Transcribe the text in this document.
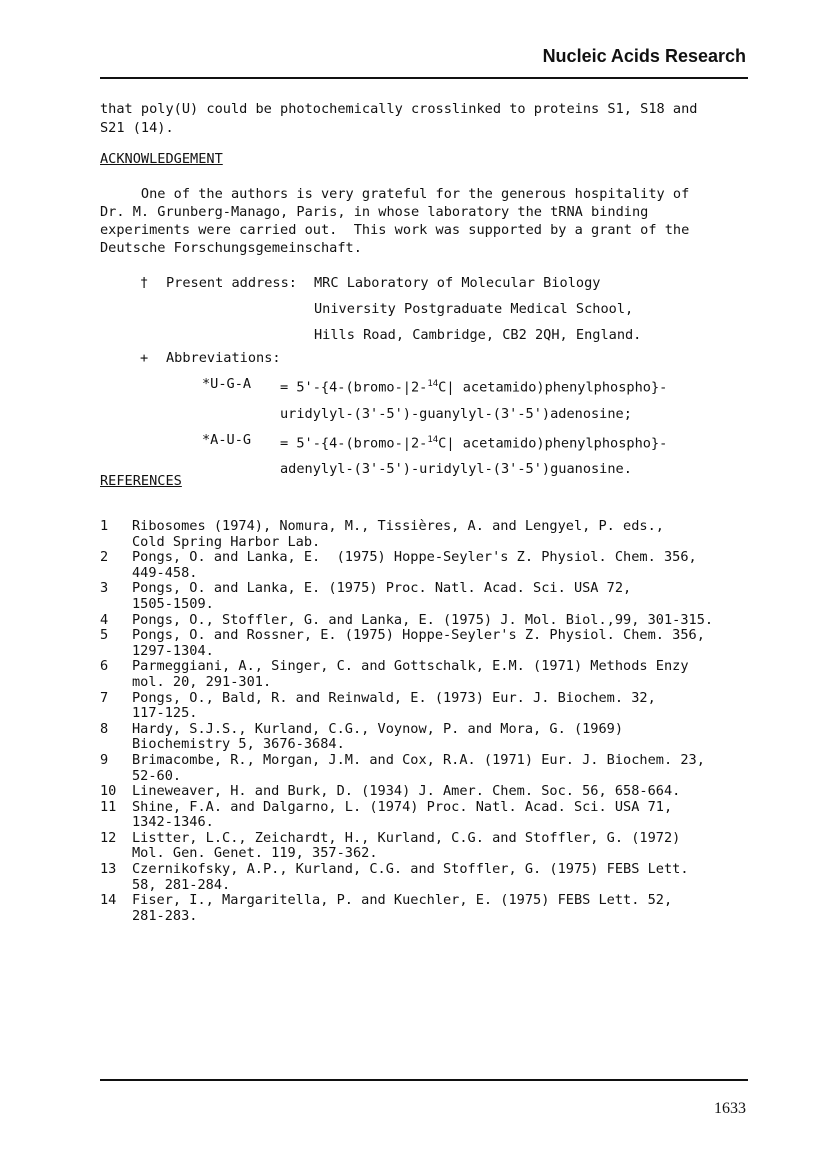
Nucleic Acids Research
that poly(U) could be photochemically crosslinked to proteins S1, S18 and
S21 (14).
ACKNOWLEDGEMENT
One of the authors is very grateful for the generous hospitality of
Dr. M. Grunberg-Manago, Paris, in whose laboratory the tRNA binding
experiments were carried out.  This work was supported by a grant of the
Deutsche Forschungsgemeinschaft.
†	Present address:	MRC Laboratory of Molecular Biology
University Postgraduate Medical School,
Hills Road, Cambridge, CB2 2QH, England.
+	Abbreviations:
*U-G-A	= 5'-{4-(bromo-|2-$^{14}$C| acetamido)phenylphospho}-
uridylyl-(3'-5')-guanylyl-(3'-5')adenosine;
*A-U-G	= 5'-{4-(bromo-|2-$^{14}$C| acetamido)phenylphospho}-
adenylyl-(3'-5')-uridylyl-(3'-5')guanosine.
REFERENCES
1	Ribosomes (1974), Nomura, M., Tissières, A. and Lengyel, P. eds.,
Cold Spring Harbor Lab.
2	Pongs, O. and Lanka, E.  (1975) Hoppe-Seyler's Z. Physiol. Chem. 356,
449-458.
3	Pongs, O. and Lanka, E. (1975) Proc. Natl. Acad. Sci. USA 72,
1505-1509.
4	Pongs, O., Stoffler, G. and Lanka, E. (1975) J. Mol. Biol.,99, 301-315.
5	Pongs, O. and Rossner, E. (1975) Hoppe-Seyler's Z. Physiol. Chem. 356,
1297-1304.
6	Parmeggiani, A., Singer, C. and Gottschalk, E.M. (1971) Methods Enzy
mol. 20, 291-301.
7	Pongs, O., Bald, R. and Reinwald, E. (1973) Eur. J. Biochem. 32,
117-125.
8	Hardy, S.J.S., Kurland, C.G., Voynow, P. and Mora, G. (1969)
Biochemistry 5, 3676-3684.
9	Brimacombe, R., Morgan, J.M. and Cox, R.A. (1971) Eur. J. Biochem. 23,
52-60.
10	Lineweaver, H. and Burk, D. (1934) J. Amer. Chem. Soc. 56, 658-664.
11	Shine, F.A. and Dalgarno, L. (1974) Proc. Natl. Acad. Sci. USA 71,
1342-1346.
12	Listter, L.C., Zeichardt, H., Kurland, C.G. and Stoffler, G. (1972)
Mol. Gen. Genet. 119, 357-362.
13	Czernikofsky, A.P., Kurland, C.G. and Stoffler, G. (1975) FEBS Lett.
58, 281-284.
14	Fiser, I., Margaritella, P. and Kuechler, E. (1975) FEBS Lett. 52,
281-283.
1633
